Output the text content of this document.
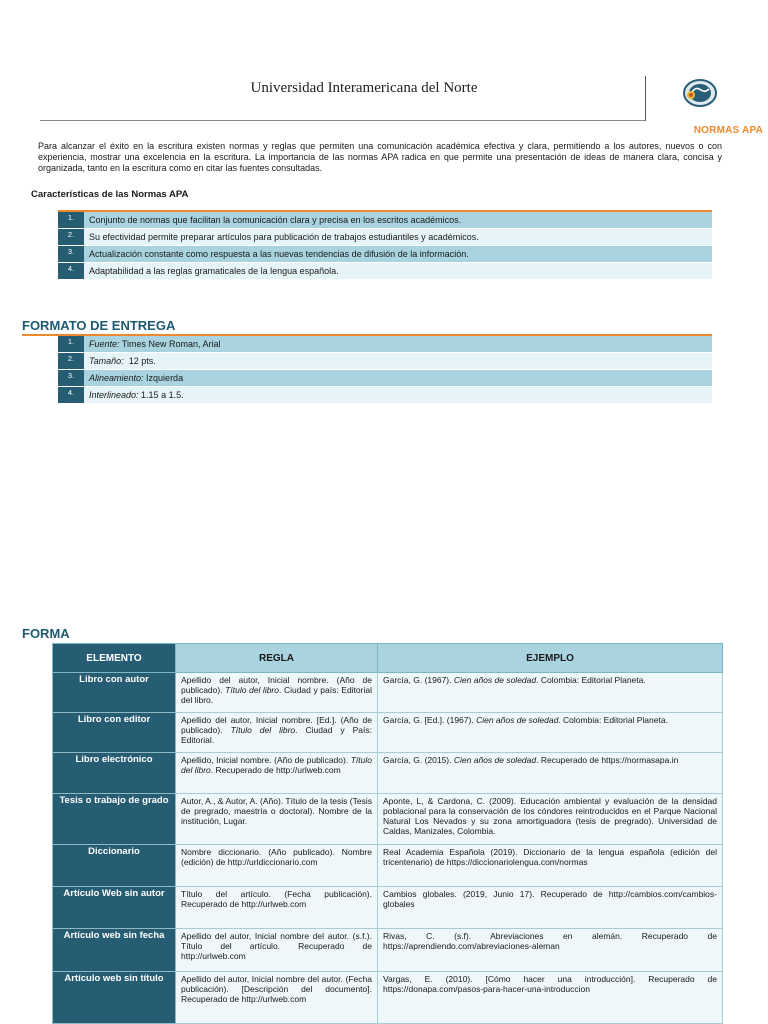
Universidad Interamericana del Norte
NORMAS APA
Para alcanzar el éxito en la escritura existen normas y reglas que permiten una comunicación académica efectiva y clara, permitiendo a los autores, nuevos o con experiencia, mostrar una excelencia en la escritura. La importancia de las normas APA radica en que permite una presentación de ideas de manera clara, concisa y organizada, tanto en la escritura como en citar las fuentes consultadas.
Características de las Normas APA
1.	Conjunto de normas que facilitan la comunicación clara y precisa en los escritos académicos.
2.	Su efectividad permite preparar artículos para publicación de trabajos estudiantiles y académicos.
3.	Actualización constante como respuesta a las nuevas tendencias de difusión de la información.
4.	Adaptabilidad a las reglas gramaticales de la lengua española.
FORMATO DE ENTREGA
1.	Fuente: Times New Roman, Arial
2.	Tamaño: 12 pts.
3.	Alineamiento: Izquierda
4.	Interlineado: 1.15 a 1.5.
FORMA
ELEMENTO	REGLA	EJEMPLO
Libro con autor	Apellido del autor, Inicial nombre. (Año de publicado). Título del libro. Ciudad y país: Editorial del libro.	García, G. (1967). Cien años de soledad. Colombia: Editorial Planeta.
Libro con editor	Apellido del autor, Inicial nombre. [Ed.]. (Año de publicado). Título del libro. Ciudad y País: Editorial.	García, G. [Ed.]. (1967). Cien años de soledad. Colombia: Editorial Planeta.
Libro electrónico	Apellido, Inicial nombre. (Año de publicado). Título del libro. Recuperado de http://urlweb.com	García, G. (2015). Cien años de soledad. Recuperado de https://normasapa.in
Tesis o trabajo de grado	Autor, A., & Autor, A. (Año). Título de la tesis (Tesis de pregrado, maestría o doctoral). Nombre de la institución, Lugar.	Aponte, L, & Cardona, C. (2009). Educación ambiental y evaluación de la densidad poblacional para la conservación de los cóndores reintroducidos en el Parque Nacional Natural Los Nevados y su zona amortiguadora (tesis de pregrado). Universidad de Caldas, Manizales, Colombia.
Diccionario	Nombre diccionario. (Año publicado). Nombre (edición) de http://urldiccionario.com	Real Academia Española (2019). Diccionario de la lengua española (edición del tricentenario) de https://diccionariolengua.com/normas
Artículo Web sin autor	Título del artículo. (Fecha publicación). Recuperado de http://urlweb.com	Cambios globales. (2019, Junio 17). Recuperado de http://cambios.com/cambios-globales
Artículo web sin fecha	Apellido del autor, Inicial nombre del autor. (s.f.). Título del artículo. Recuperado de http://urlweb.com	Rivas, C. (s.f). Abreviaciones en alemán. Recuperado de https://aprendiendo.com/abreviaciones-aleman
Artículo web sin título	Apellido del autor, Inicial nombre del autor. (Fecha publicación). [Descripción del documento]. Recuperado de http://urlweb.com	Vargas, E. (2010). [Cómo hacer una introducción]. Recuperado de https://donapa.com/pasos-para-hacer-una-introduccion
